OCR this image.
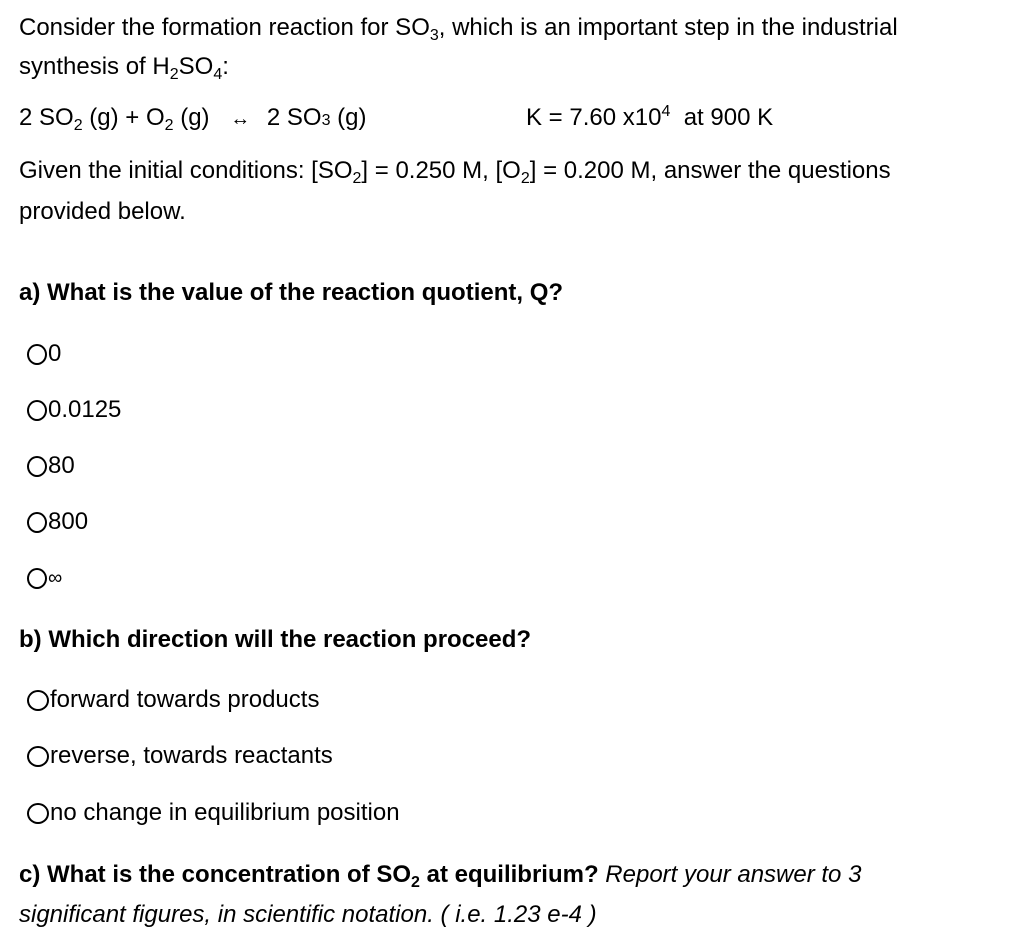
Consider the formation reaction for $SO_3$, which is an important step in the industrial
synthesis of $H_2SO_4$:
2 $SO_2$ $(g) + O_2$ (g) ↔ 2 SO3 (g)	K = 7.60 $x10^4$ at 900 K
Given the initial conditions: $[SO_2] = 0.250$ M, $[O_2] = 0.200$ M, answer the questions
provided below.
a) What is the value of the reaction quotient, Q?
0
0.0125
80
800
∞
b) Which direction will the reaction proceed?
forward towards products
reverse, towards reactants
no change in equilibrium position
c) What is the concentration of $SO_2$ at equilibrium? Report your answer to 3
significant figures, in scientific notation. ( i.e. 1.23 e-4 )
